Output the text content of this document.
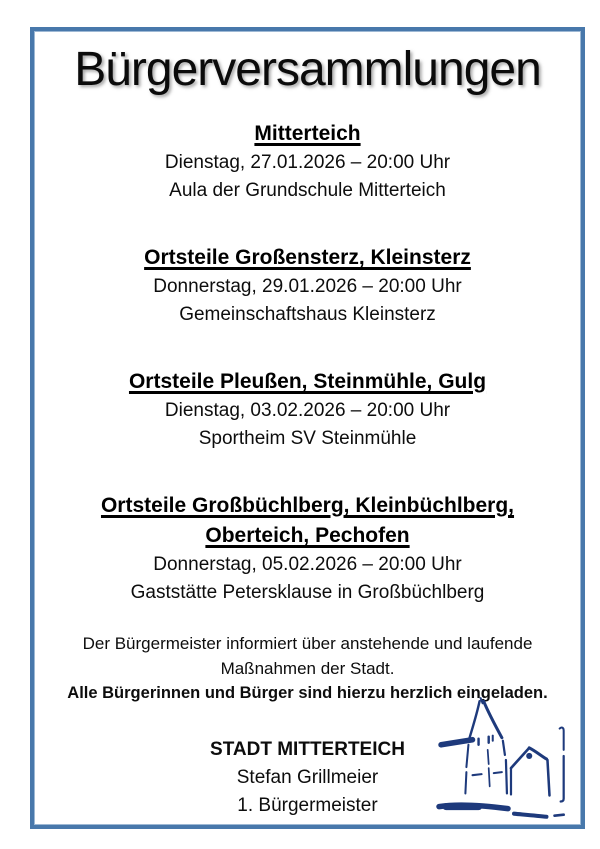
Bürgerversammlungen
Mitterteich
Dienstag, 27.01.2026 – 20:00 Uhr
Aula der Grundschule Mitterteich
Ortsteile Großensterz, Kleinsterz
Donnerstag, 29.01.2026 – 20:00 Uhr
Gemeinschaftshaus Kleinsterz
Ortsteile Pleußen, Steinmühle, Gulg
Dienstag, 03.02.2026 – 20:00 Uhr
Sportheim SV Steinmühle
Ortsteile Großbüchlberg, Kleinbüchlberg,
Oberteich, Pechofen
Donnerstag, 05.02.2026 – 20:00 Uhr
Gaststätte Petersklause in Großbüchlberg
Der Bürgermeister informiert über anstehende und laufende
Maßnahmen der Stadt.
Alle Bürgerinnen und Bürger sind hierzu herzlich eingeladen.
STADT MITTERTEICH
Stefan Grillmeier
1. Bürgermeister
